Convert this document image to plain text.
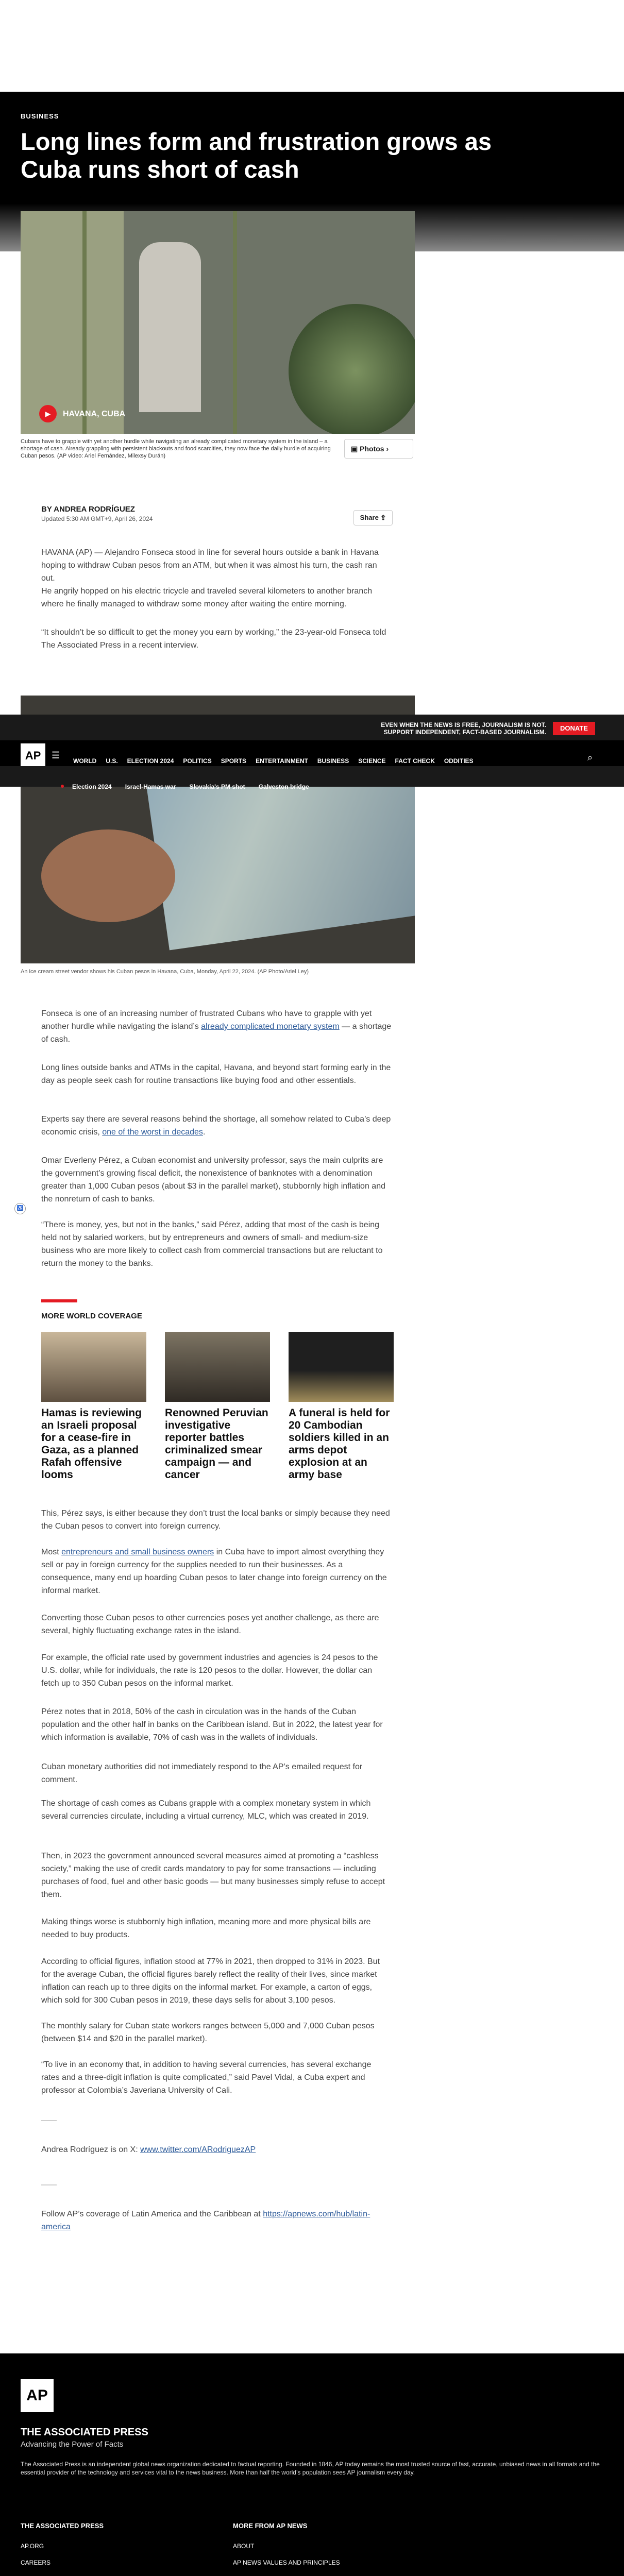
BUSINESS
Long lines form and frustration grows as Cuba runs short of cash
▶	HAVANA, CUBA
Cubans have to grapple with yet another hurdle while navigating an already complicated monetary system in the island – a shortage of cash. Already grappling with persistent blackouts and food scarcities, they now face the daily hurdle of acquiring Cuban pesos. (AP video: Ariel Fernández, Milexsy Durán)
▣ Photos ›
BY ANDREA RODRÍGUEZ
Updated 5:30 AM GMT+9, April 26, 2024	Share ⇪
HAVANA (AP) — Alejandro Fonseca stood in line for several hours outside a bank in Havana hoping to withdraw Cuban pesos from an ATM, but when it was almost his turn, the cash ran out.
He angrily hopped on his electric tricycle and traveled several kilometers to another branch where he finally managed to withdraw some money after waiting the entire morning.
“It shouldn’t be so difficult to get the money you earn by working,” the 23-year-old Fonseca told The Associated Press in a recent interview.
An ice cream street vendor shows his Cuban pesos in Havana, Cuba, Monday, April 22, 2024. (AP Photo/Ariel Ley)
EVEN WHEN THE NEWS IS FREE, JOURNALISM IS NOT.
SUPPORT INDEPENDENT, FACT-BASED JOURNALISM.	DONATE
AP	☰
WORLD U.S. ELECTION 2024 POLITICS SPORTS ENTERTAINMENT BUSINESS SCIENCE FACT CHECK ODDITIES	⌕
Election 2024 Israel-Hamas war Slovakia's PM shot Galveston bridge
Fonseca is one of an increasing number of frustrated Cubans who have to grapple with yet another hurdle while navigating the island’s already complicated monetary system — a shortage of cash.
Long lines outside banks and ATMs in the capital, Havana, and beyond start forming early in the day as people seek cash for routine transactions like buying food and other essentials.
Experts say there are several reasons behind the shortage, all somehow related to Cuba’s deep economic crisis, one of the worst in decades.
Omar Everleny Pérez, a Cuban economist and university professor, says the main culprits are the government’s growing fiscal deficit, the nonexistence of banknotes with a denomination greater than 1,000 Cuban pesos (about $3 in the parallel market), stubbornly high inflation and the nonreturn of cash to banks.
♿
“There is money, yes, but not in the banks,” said Pérez, adding that most of the cash is being held not by salaried workers, but by entrepreneurs and owners of small- and medium-size business who are more likely to collect cash from commercial transactions but are reluctant to return the money to the banks.
MORE WORLD COVERAGE
Hamas is reviewing an Israeli proposal for a cease-fire in Gaza, as a planned Rafah offensive looms
Renowned Peruvian investigative reporter battles criminalized smear campaign — and cancer
A funeral is held for 20 Cambodian soldiers killed in an arms depot explosion at an army base
This, Pérez says, is either because they don’t trust the local banks or simply because they need the Cuban pesos to convert into foreign currency.
Most entrepreneurs and small business owners in Cuba have to import almost everything they sell or pay in foreign currency for the supplies needed to run their businesses. As a consequence, many end up hoarding Cuban pesos to later change into foreign currency on the informal market.
Converting those Cuban pesos to other currencies poses yet another challenge, as there are several, highly fluctuating exchange rates in the island.
For example, the official rate used by government industries and agencies is 24 pesos to the U.S. dollar, while for individuals, the rate is 120 pesos to the dollar. However, the dollar can fetch up to 350 Cuban pesos on the informal market.
Pérez notes that in 2018, 50% of the cash in circulation was in the hands of the Cuban population and the other half in banks on the Caribbean island. But in 2022, the latest year for which information is available, 70% of cash was in the wallets of individuals.
Cuban monetary authorities did not immediately respond to the AP’s emailed request for comment.
The shortage of cash comes as Cubans grapple with a complex monetary system in which several currencies circulate, including a virtual currency, MLC, which was created in 2019.
Then, in 2023 the government announced several measures aimed at promoting a “cashless society,” making the use of credit cards mandatory to pay for some transactions — including purchases of food, fuel and other basic goods — but many businesses simply refuse to accept them.
Making things worse is stubbornly high inflation, meaning more and more physical bills are needed to buy products.
According to official figures, inflation stood at 77% in 2021, then dropped to 31% in 2023. But for the average Cuban, the official figures barely reflect the reality of their lives, since market inflation can reach up to three digits on the informal market. For example, a carton of eggs, which sold for 300 Cuban pesos in 2019, these days sells for about 3,100 pesos.
The monthly salary for Cuban state workers ranges between 5,000 and 7,000 Cuban pesos (between $14 and $20 in the parallel market).
“To live in an economy that, in addition to having several currencies, has several exchange rates and a three-digit inflation is quite complicated,” said Pavel Vidal, a Cuba expert and professor at Colombia’s Javeriana University of Cali.
Andrea Rodríguez is on X: www.twitter.com/ARodriguezAP
Follow AP’s coverage of Latin America and the Caribbean at https://apnews.com/hub/latin-america
AP
THE ASSOCIATED PRESS
Advancing the Power of Facts
The Associated Press is an independent global news organization dedicated to factual reporting. Founded in 1846, AP today remains the most trusted source of fast, accurate, unbiased news in all formats and the essential provider of the technology and services vital to the news business. More than half the world’s population sees AP journalism every day.
THE ASSOCIATED PRESS
AP.ORG
CAREERS
MORE FROM AP NEWS
ABOUT
AP NEWS VALUES AND PRINCIPLES
